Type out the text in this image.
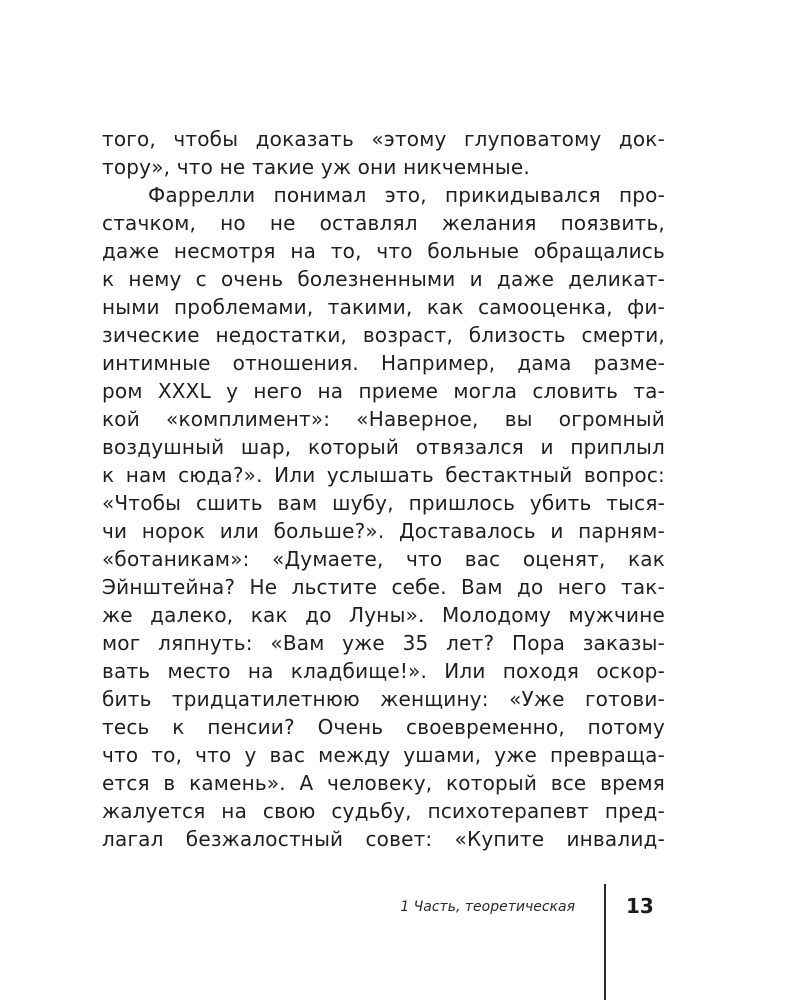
того, чтобы доказать «этому глуповатому док-
тору», что не такие уж они никчемные.
Фаррелли понимал это, прикидывался про-
стачком, но не оставлял желания поязвить,
даже несмотря на то, что больные обращались
к нему с очень болезненными и даже деликат-
ными проблемами, такими, как самооценка, фи-
зические недостатки, возраст, близость смерти,
интимные отношения. Например, дама размe-
ром XXXL у него на приеме могла словить та-
кой «комплимент»: «Наверное, вы огромный
воздушный шар, который отвязался и приплыл
к нам сюда?». Или услышать бестактный вопрос:
«Чтобы сшить вам шубу, пришлось убить тыся-
чи норок или больше?». Доставалось и парням-
«ботаникам»: «Думаете, что вас оценят, как
Эйнштейна? Не льстите себе. Вам до него так-
же далеко, как до Луны». Молодому мужчине
мог ляпнуть: «Вам уже 35 лет? Пора заказы-
вать место на кладбище!». Или походя оскор-
бить тридцатилетнюю женщину: «Уже готови-
тесь к пенсии? Очень своевременно, потому
что то, что у вас между ушами, уже превраща-
ется в камень». А человеку, который все время
жалуется на свою судьбу, психотерапевт пред-
лагал безжалостный совет: «Купите инвалид-
1 Часть, теоретическая	13
